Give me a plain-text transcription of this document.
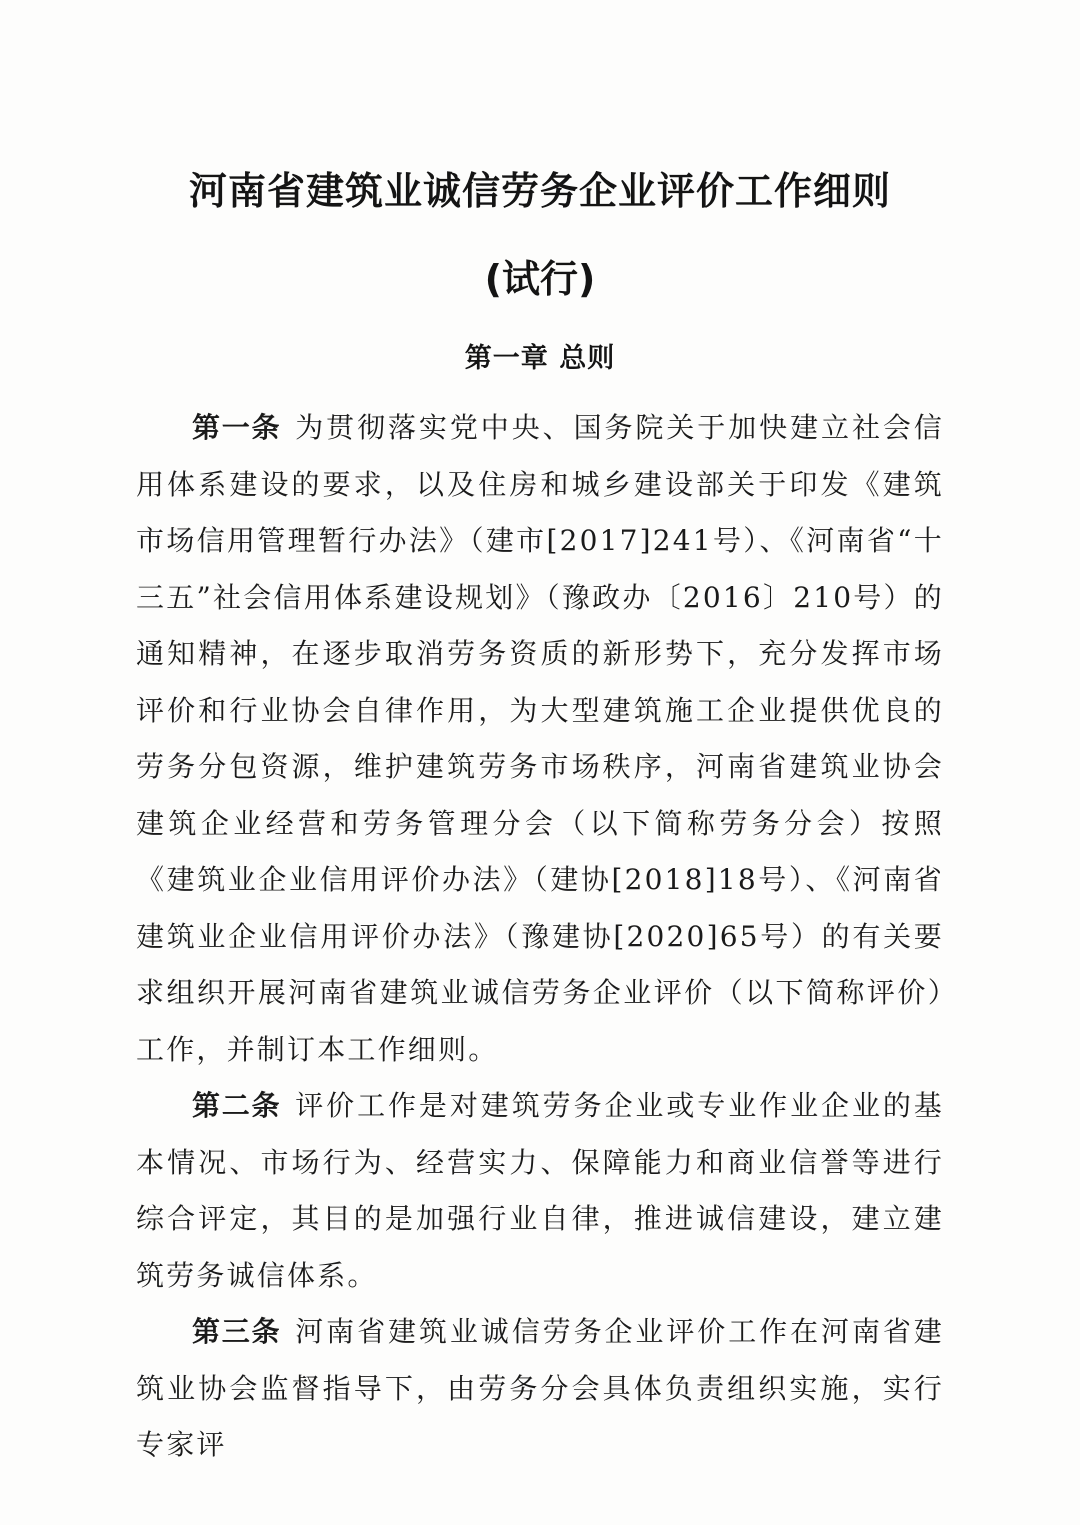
河南省建筑业诚信劳务企业评价工作细则
(试行)
第一章 总则

第一条 为贯彻落实党中央、国务院关于加快建立社会信用体系建设的要求，以及住房和城乡建设部关于印发《建筑市场信用管理暂行办法》（建市[2017]241号）、《河南省“十三五”社会信用体系建设规划》（豫政办〔2016〕210号）的通知精神，在逐步取消劳务资质的新形势下，充分发挥市场评价和行业协会自律作用，为大型建筑施工企业提供优良的劳务分包资源，维护建筑劳务市场秩序，河南省建筑业协会建筑企业经营和劳务管理分会（以下简称劳务分会）按照《建筑业企业信用评价办法》（建协[2018]18号）、《河南省建筑业企业信用评价办法》（豫建协[2020]65号）的有关要求组织开展河南省建筑业诚信劳务企业评价（以下简称评价）工作，并制订本工作细则。

第二条 评价工作是对建筑劳务企业或专业作业企业的基本情况、市场行为、经营实力、保障能力和商业信誉等进行综合评定，其目的是加强行业自律，推进诚信建设，建立建筑劳务诚信体系。

第三条 河南省建筑业诚信劳务企业评价工作在河南省建筑业协会监督指导下，由劳务分会具体负责组织实施，实行专家评
